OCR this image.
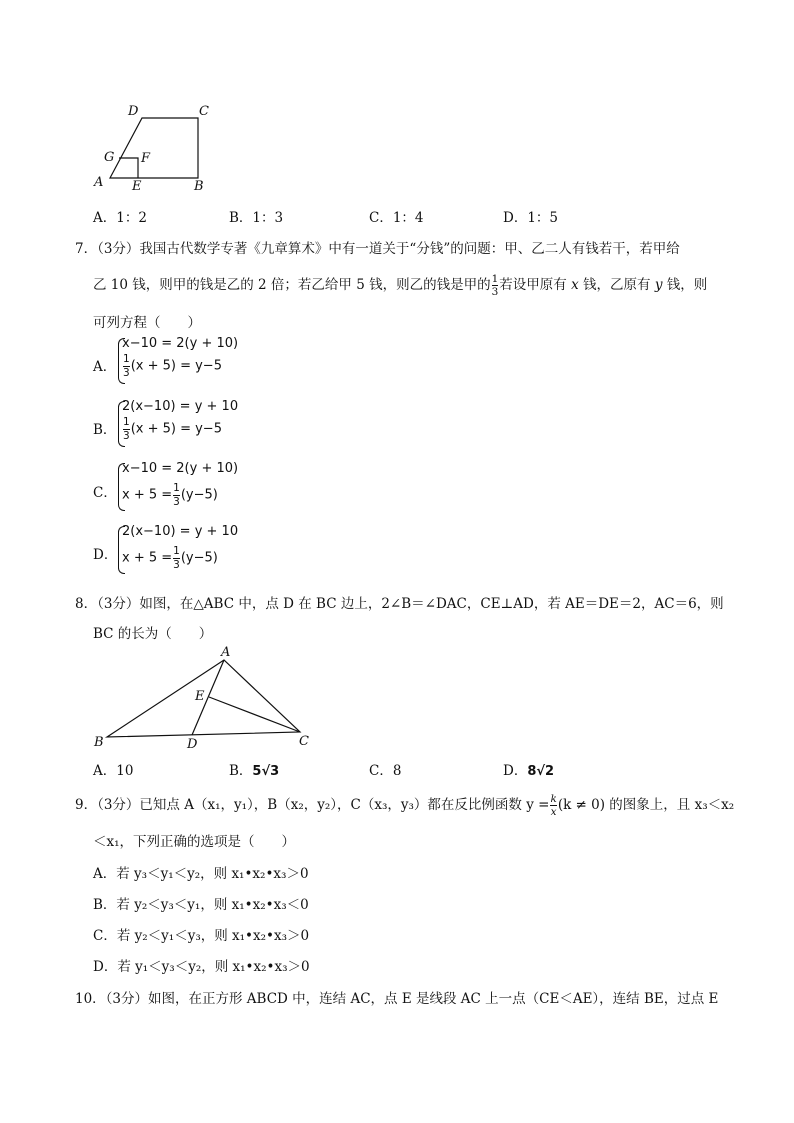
D	C
G F
A E	B
A．1：2	B．1：3	C．1：4	D．1：5
7．（3分）我国古代数学专著《九章算术》中有一道关于“分钱”的问题：甲、乙二人有钱若干，若甲给
乙 10 钱，则甲的钱是乙的 2 倍；若乙给甲 5 钱，则乙的钱是甲的 $\frac{1}{3}$ 若设甲原有 x 钱，乙原有 y 钱，则
可列方程（　　）
A．
x−10 = 2(y + 10)
$\frac{1}{3} (x + 5) = y-5$
B．
2(x−10) = y + 10
$\frac{1}{3} (x + 5) = y-5$
C．
x−10 = 2(y + 10)
$x + 5 = \frac{1}{3} (y-5)$
D．
2(x−10) = y + 10
$x + 5 = \frac{1}{3} (y-5)$
8．（3分）如图，在△ABC 中，点 D 在 BC 边上，2∠B＝∠DAC，CE⊥AD，若 AE＝DE＝2，AC＝6，则
BC 的长为（　　）
A
E
B	D	C
A．10	B．5√3	C．8	D．8√2
9．（3分）已知点 A（x₁，y₁），B（x₂，y₂），C（x₃，y₃）都在反比例函数 $y = \frac{k}{x} (k \ne 0)$ 的图象上，且 x₃＜x₂
＜x₁，下列正确的选项是（　　）
A．若 y₃＜y₁＜y₂，则 x₁•x₂•x₃＞0
B．若 y₂＜y₃＜y₁，则 x₁•x₂•x₃＜0
C．若 y₂＜y₁＜y₃，则 x₁•x₂•x₃＞0
D．若 y₁＜y₃＜y₂，则 x₁•x₂•x₃＞0
10．（3分）如图，在正方形 ABCD 中，连结 AC，点 E 是线段 AC 上一点（CE＜AE），连结 BE，过点 E
